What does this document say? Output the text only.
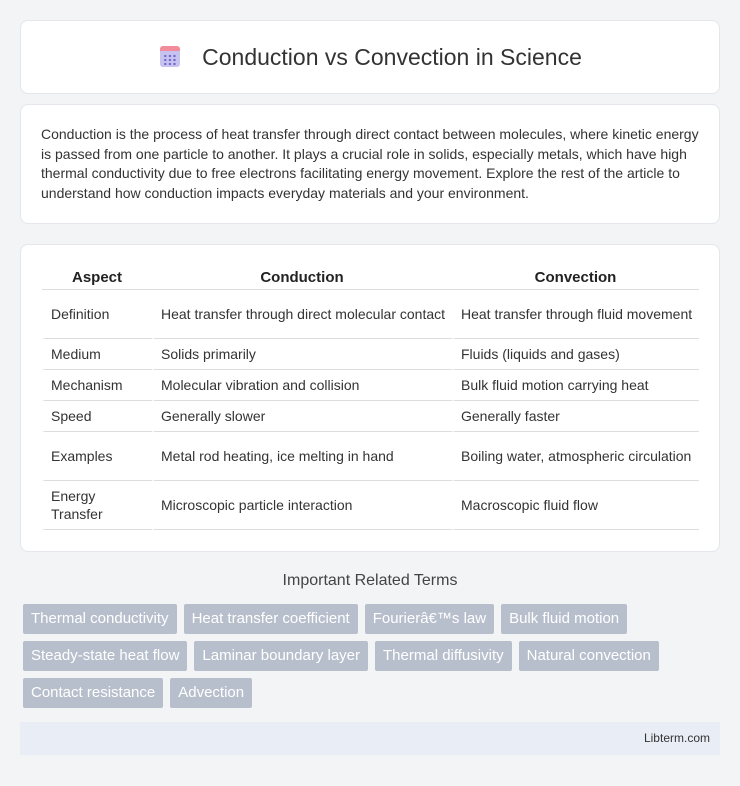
Conduction vs Convection in Science

Conduction is the process of heat transfer through direct contact between molecules, where kinetic energy is passed from one particle to another. It plays a crucial role in solids, especially metals, which have high thermal conductivity due to free electrons facilitating energy movement. Explore the rest of the article to understand how conduction impacts everyday materials and your environment.

Aspect	Conduction	Convection
Definition	Heat transfer through direct molecular contact	Heat transfer through fluid movement
Medium	Solids primarily	Fluids (liquids and gases)
Mechanism	Molecular vibration and collision	Bulk fluid motion carrying heat
Speed	Generally slower	Generally faster
Examples	Metal rod heating, ice melting in hand	Boiling water, atmospheric circulation
Energy Transfer	Microscopic particle interaction	Macroscopic fluid flow
Important Related Terms
Thermal conductivity	Heat transfer coefficient	Fourierâ€™s law	Bulk fluid motion
Steady-state heat flow	Laminar boundary layer	Thermal diffusivity	Natural convection
Contact resistance	Advection
Libterm.com
